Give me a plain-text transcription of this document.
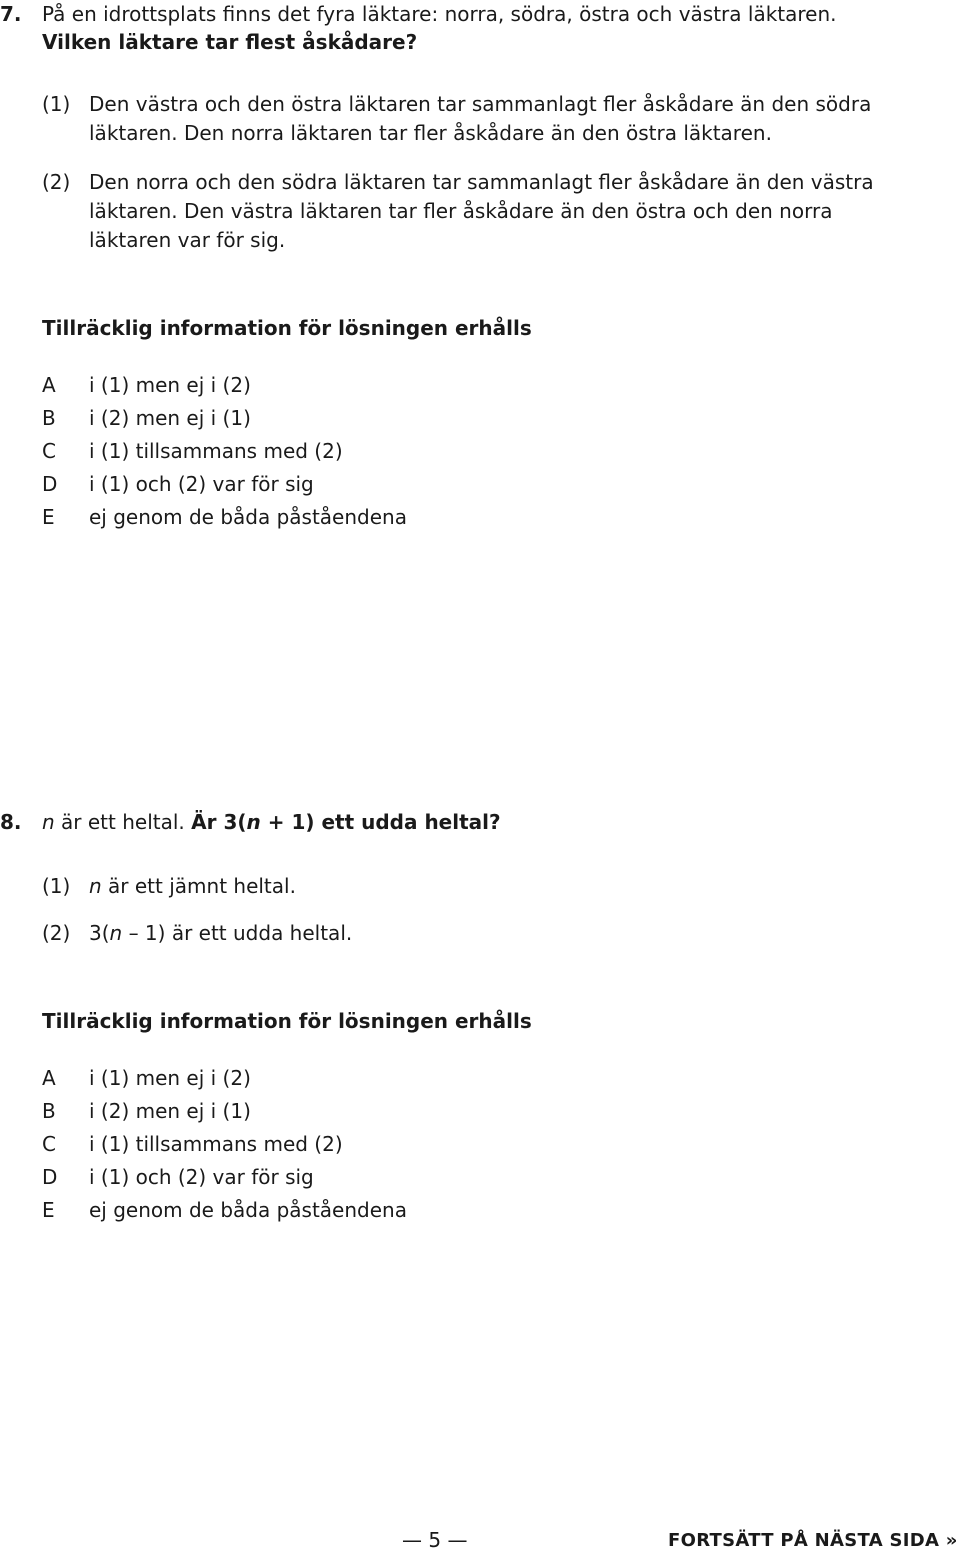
7. På en idrottsplats finns det fyra läktare: norra, södra, östra och västra läktaren.
Vilken läktare tar flest åskådare?
(1) Den västra och den östra läktaren tar sammanlagt fler åskådare än den södra
läktaren. Den norra läktaren tar fler åskådare än den östra läktaren.
(2) Den norra och den södra läktaren tar sammanlagt fler åskådare än den västra
läktaren. Den västra läktaren tar fler åskådare än den östra och den norra
läktaren var för sig.
Tillräcklig information för lösningen erhålls
A i (1) men ej i (2)
B i (2) men ej i (1)
C i (1) tillsammans med (2)
D i (1) och (2) var för sig
E ej genom de båda påståendena
8. n är ett heltal. Är 3(n + 1) ett udda heltal?
(1) n är ett jämnt heltal.
(2) 3(n – 1) är ett udda heltal.
Tillräcklig information för lösningen erhålls
A i (1) men ej i (2)
B i (2) men ej i (1)
C i (1) tillsammans med (2)
D i (1) och (2) var för sig
E ej genom de båda påståendena
— 5 —	FORTSÄTT PÅ NÄSTA SIDA »
